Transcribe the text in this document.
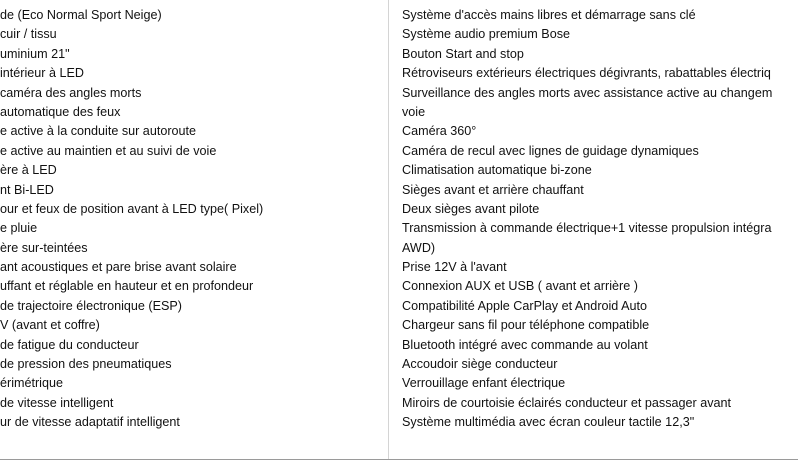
de (Eco Normal Sport Neige)
cuir / tissu
uminium 21"
intérieur à LED
caméra des angles morts
automatique des feux
e active à la conduite sur autoroute
e active au maintien et au suivi de voie
ère à LED
nt Bi-LED
our et feux de position avant à LED type( Pixel)
e pluie
ère sur-teintées
ant acoustiques et pare brise avant solaire
uffant et réglable en hauteur et en profondeur
de trajectoire électronique (ESP)
V (avant et coffre)
de fatigue du conducteur
de pression des pneumatiques
érimétrique
de vitesse intelligent
ur de vitesse adaptatif intelligent
Système d'accès mains libres et démarrage sans clé
Système audio premium Bose
Bouton Start and stop
Rétroviseurs extérieurs électriques dégivrants, rabattables électriq
Surveillance des angles morts avec assistance active au changem
voie
Caméra 360°
Caméra de recul avec lignes de guidage dynamiques
Climatisation automatique bi-zone
Sièges avant et arrière chauffant
Deux sièges avant pilote
Transmission à commande électrique+1 vitesse propulsion intégra
AWD)
Prise 12V à l'avant
Connexion AUX et USB ( avant et arrière )
Compatibilité Apple CarPlay et Android Auto
Chargeur sans fil pour téléphone compatible
Bluetooth intégré avec commande au volant
Accoudoir siège conducteur
Verrouillage enfant électrique
Miroirs de courtoisie éclairés conducteur et passager avant
Système multimédia avec écran couleur tactile 12,3"
